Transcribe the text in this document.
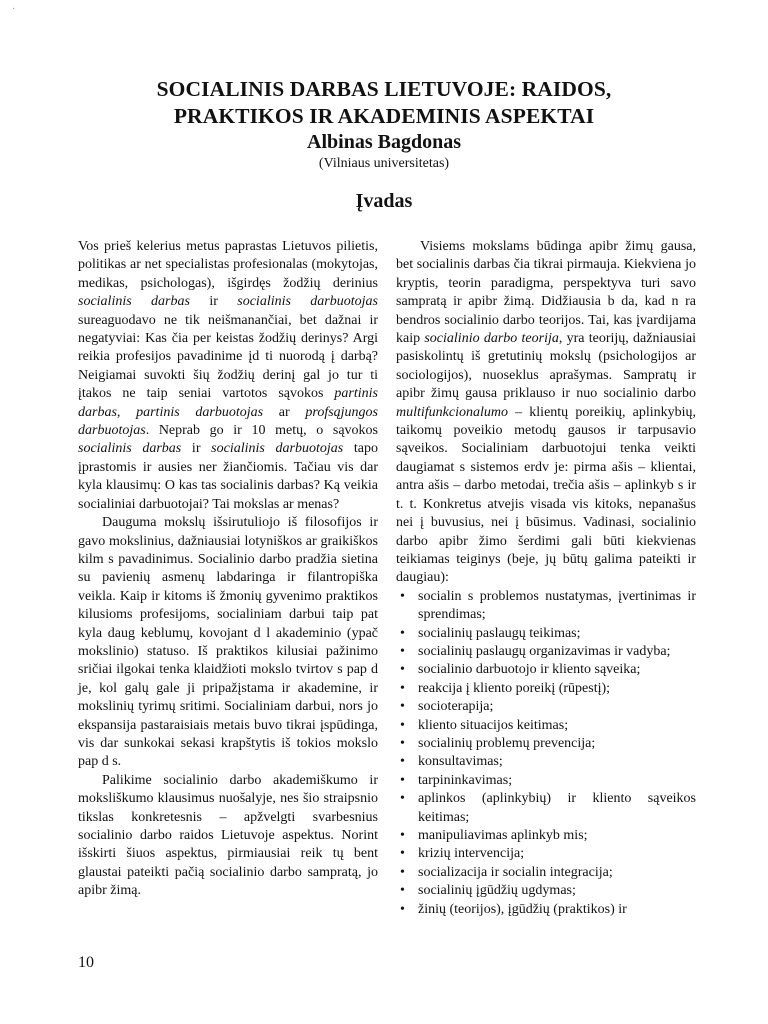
·
SOCIALINIS DARBAS LIETUVOJE: RAIDOS,
PRAKTIKOS IR AKADEMINIS ASPEKTAI
Albinas Bagdonas
(Vilniaus universitetas)
Įvadas

Vos prieš kelerius metus paprastas Lietuvos pilietis, politikas ar net specialistas profesionalas (mokytojas, medikas, psichologas), išgirdęs žodžių derinius socialinis darbas ir socialinis darbuotojas sureaguodavo ne tik neišmanančiai, bet dažnai ir negatyviai: Kas čia per keistas žodžių derinys? Argi reikia profesijos pavadinime įd ti nuorodą į darbą? Neigiamai suvokti šių žodžių derinį gal jo tur ti įtakos ne taip seniai vartotos sąvokos partinis darbas, partinis darbuotojas ar profsąjungos darbuotojas. Neprab go ir 10 metų, o sąvokos socialinis darbas ir socialinis darbuotojas tapo įprastomis ir ausies ner žiančiomis. Tačiau vis dar kyla klausimų: O kas tas socialinis darbas? Ką veikia socialiniai darbuotojai? Tai mokslas ar menas?

Dauguma mokslų išsirutuliojo iš filosofijos ir gavo mokslinius, dažniausiai lotyniškos ar graikiškos kilm s pavadinimus. Socialinio darbo pradžia sietina su pavienių asmenų labdaringa ir filantropiška veikla. Kaip ir kitoms iš žmonių gyvenimo praktikos kilusioms profesijoms, socialiniam darbui taip pat kyla daug keblumų, kovojant d l akademinio (ypač mokslinio) statuso. Iš praktikos kilusiai pažinimo sričiai ilgokai tenka klaidžioti mokslo tvirtov s pap d je, kol galų gale ji pripažįstama ir akademine, ir mokslinių tyrimų sritimi. Socialiniam darbui, nors jo ekspansija pastaraisiais metais buvo tikrai įspūdinga, vis dar sunkokai sekasi krapštytis iš tokios mokslo pap d s.

Palikime socialinio darbo akademiškumo ir moksliškumo klausimus nuošalyje, nes šio straipsnio tikslas konkretesnis – apžvelgti svarbesnius socialinio darbo raidos Lietuvoje aspektus. Norint išskirti šiuos aspektus, pirmiausiai reik tų bent glaustai pateikti pačią socialinio darbo sampratą, jo apibr žimą.

Visiems mokslams būdinga apibr žimų gausa, bet socialinis darbas čia tikrai pirmauja. Kiekviena jo kryptis, teorin paradigma, perspektyva turi savo sampratą ir apibr žimą. Didžiausia b da, kad n ra bendros socialinio darbo teorijos. Tai, kas įvardijama kaip socialinio darbo teorija, yra teorijų, dažniausiai pasiskolintų iš gretutinių mokslų (psichologijos ar sociologijos), nuoseklus aprašymas. Sampratų ir apibr žimų gausa priklauso ir nuo socialinio darbo multifunkcionalumo – klientų poreikių, aplinkybių, taikomų poveikio metodų gausos ir tarpusavio sąveikos. Socialiniam darbuotojui tenka veikti daugiamat s sistemos erdv je: pirma ašis – klientai, antra ašis – darbo metodai, trečia ašis – aplinkyb s ir t. t. Konkretus atvejis visada vis kitoks, nepanašus nei į buvusius, nei į būsimus. Vadinasi, socialinio darbo apibr žimo šerdimi gali būti kiekvienas teikiamas teiginys (beje, jų būtų galima pateikti ir daugiau):

• socialin s problemos nustatymas, įvertinimas ir sprendimas;
• socialinių paslaugų teikimas;
• socialinių paslaugų organizavimas ir vadyba;
• socialinio darbuotojo ir kliento sąveika;
• reakcija į kliento poreikį (rūpestį);
• socioterapija;
• kliento situacijos keitimas;
• socialinių problemų prevencija;
• konsultavimas;
• tarpininkavimas;
• aplinkos (aplinkybių) ir kliento sąveikos keitimas;
• manipuliavimas aplinkyb mis;
• krizių intervencija;
• socializacija ir socialin integracija;
• socialinių įgūdžių ugdymas;
• žinių (teorijos), įgūdžių (praktikos) ir
10
